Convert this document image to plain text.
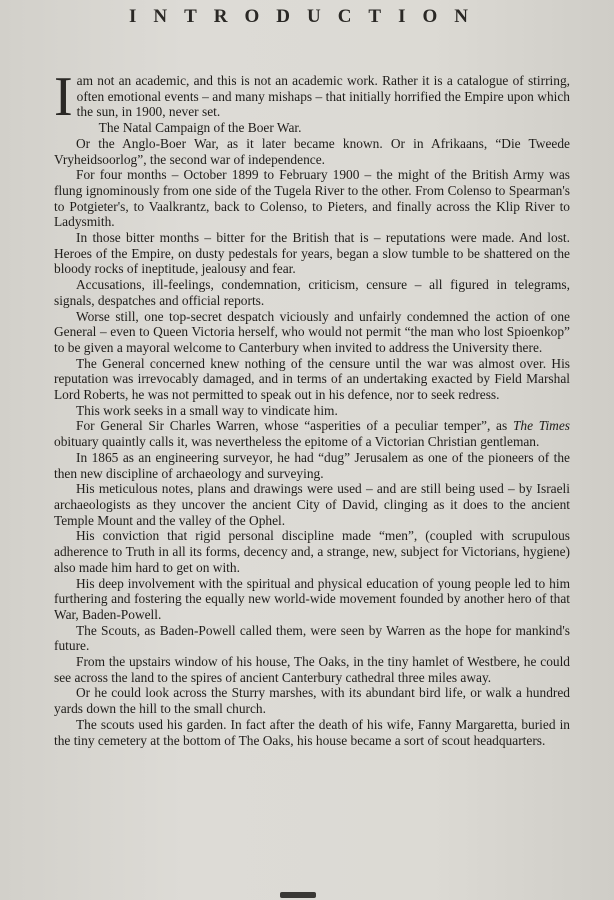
INTRODUCTION

Iam not an academic, and this is not an academic work. Rather it is a catalogue of stirring, often emotional events – and many mishaps – that initially horrified the Empire upon which the sun, in 1900, never set.

The Natal Campaign of the Boer War.

Or the Anglo-Boer War, as it later became known. Or in Afrikaans, “Die Tweede Vryheidsoorlog”, the second war of independence.

For four months – October 1899 to February 1900 – the might of the British Army was flung ignominously from one side of the Tugela River to the other. From Colenso to Spearman's to Potgieter's, to Vaalkrantz, back to Colenso, to Pieters, and finally across the Klip River to Ladysmith.

In those bitter months – bitter for the British that is – reputations were made. And lost. Heroes of the Empire, on dusty pedestals for years, began a slow tumble to be shattered on the bloody rocks of ineptitude, jealousy and fear.

Accusations, ill-feelings, condemnation, criticism, censure – all figured in telegrams, signals, despatches and official reports.

Worse still, one top-secret despatch viciously and unfairly condemned the action of one General – even to Queen Victoria herself, who would not permit “the man who lost Spioenkop” to be given a mayoral welcome to Canterbury when invited to address the University there.

The General concerned knew nothing of the censure until the war was almost over. His reputation was irrevocably damaged, and in terms of an undertaking exacted by Field Marshal Lord Roberts, he was not permitted to speak out in his defence, nor to seek redress.

This work seeks in a small way to vindicate him.

For General Sir Charles Warren, whose “asperities of a peculiar temper”, as The Times obituary quaintly calls it, was nevertheless the epitome of a Victorian Christian gentleman.

In 1865 as an engineering surveyor, he had “dug” Jerusalem as one of the pioneers of the then new discipline of archaeology and surveying.

His meticulous notes, plans and drawings were used – and are still being used – by Israeli archaeologists as they uncover the ancient City of David, clinging as it does to the ancient Temple Mount and the valley of the Ophel.

His conviction that rigid personal discipline made “men”, (coupled with scrupulous adherence to Truth in all its forms, decency and, a strange, new, subject for Victorians, hygiene) also made him hard to get on with.

His deep involvement with the spiritual and physical education of young people led to him furthering and fostering the equally new world-wide movement founded by another hero of that War, Baden-Powell.

The Scouts, as Baden-Powell called them, were seen by Warren as the hope for mankind's future.

From the upstairs window of his house, The Oaks, in the tiny hamlet of Westbere, he could see across the land to the spires of ancient Canterbury cathedral three miles away.

Or he could look across the Sturry marshes, with its abundant bird life, or walk a hundred yards down the hill to the small church.

The scouts used his garden. In fact after the death of his wife, Fanny Margaretta, buried in the tiny cemetery at the bottom of The Oaks, his house became a sort of scout headquarters.
